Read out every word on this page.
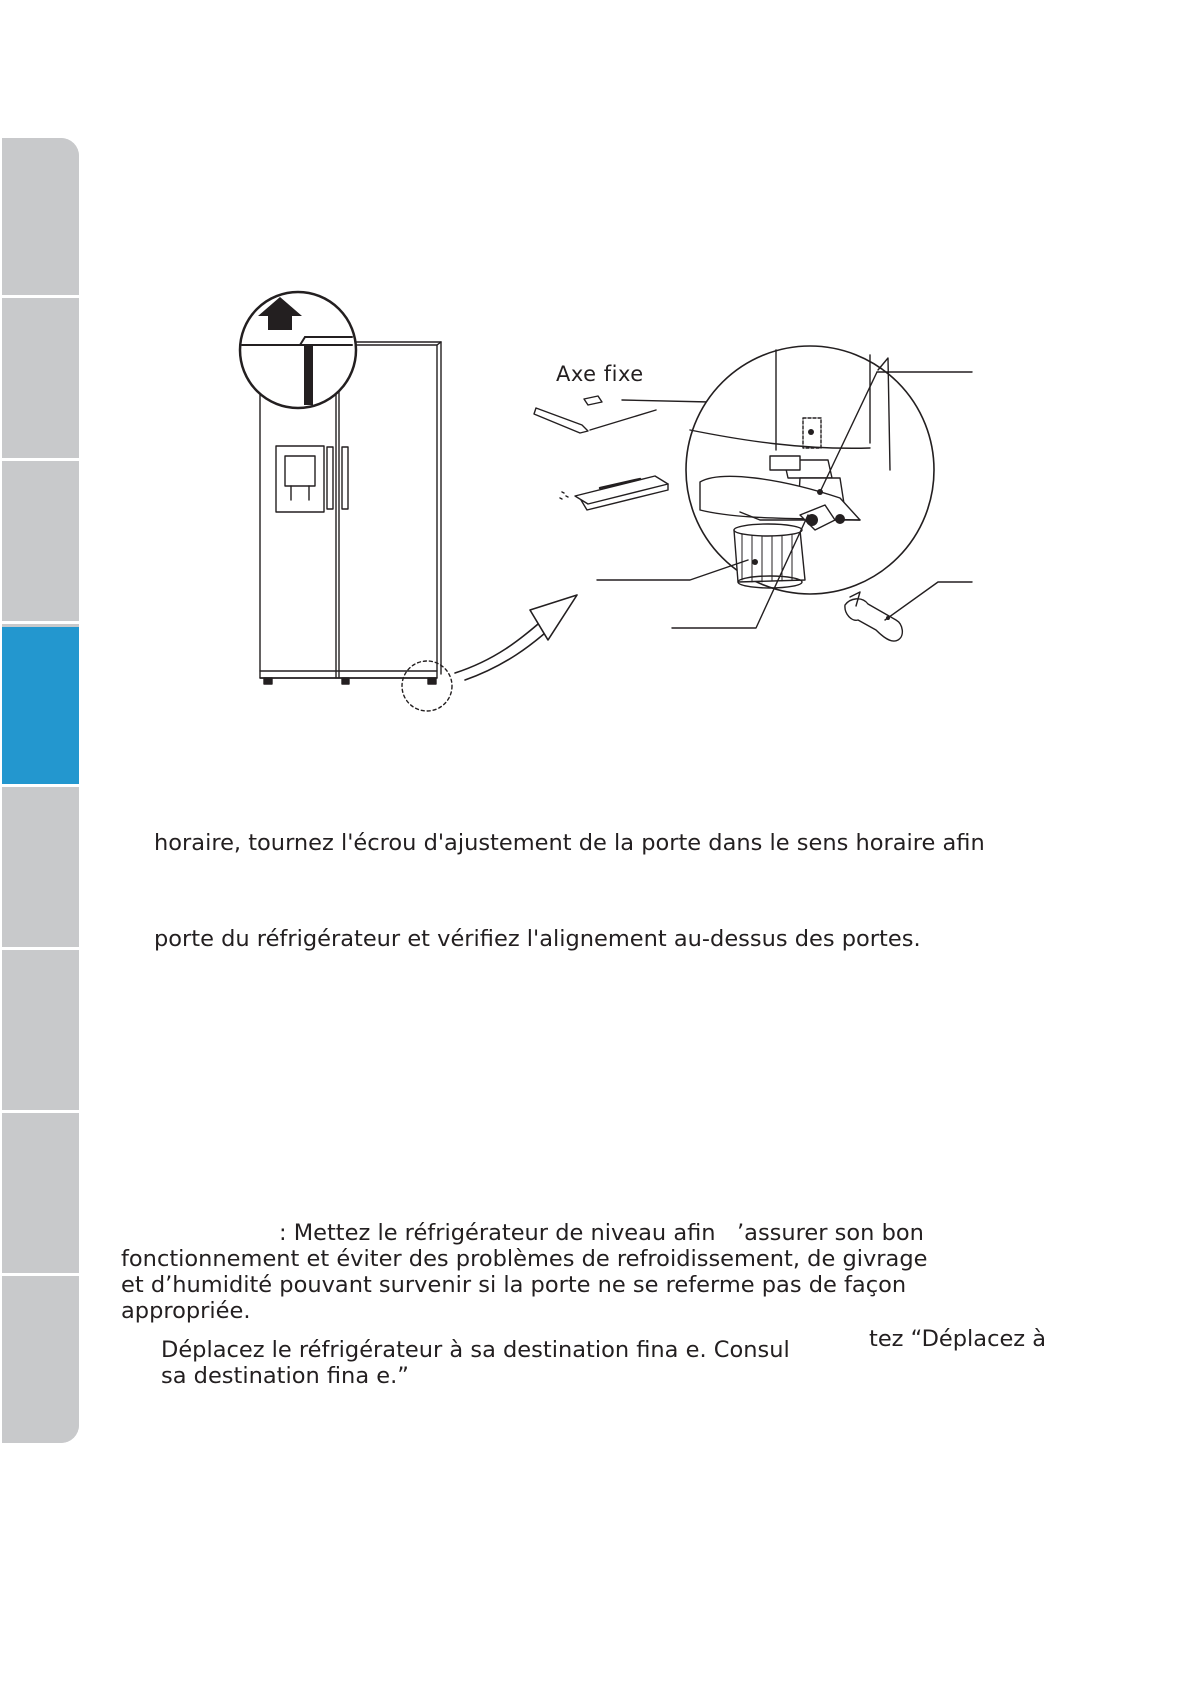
Axe fixe
horaire, tournez l'écrou d'ajustement de la porte dans le sens horaire afin
porte du réfrigérateur et vérifiez l'alignement au-dessus des portes.
: Mettez le réfrigérateur de niveau afin   ’assurer son bon
fonctionnement et éviter des problèmes de refroidissement, de givrage
et d’humidité pouvant survenir si la porte ne se referme pas de façon
appropriée.
Déplacez le réfrigérateur à sa destination fina e. Consul	tez “Déplacez à
sa destination fina e.”
